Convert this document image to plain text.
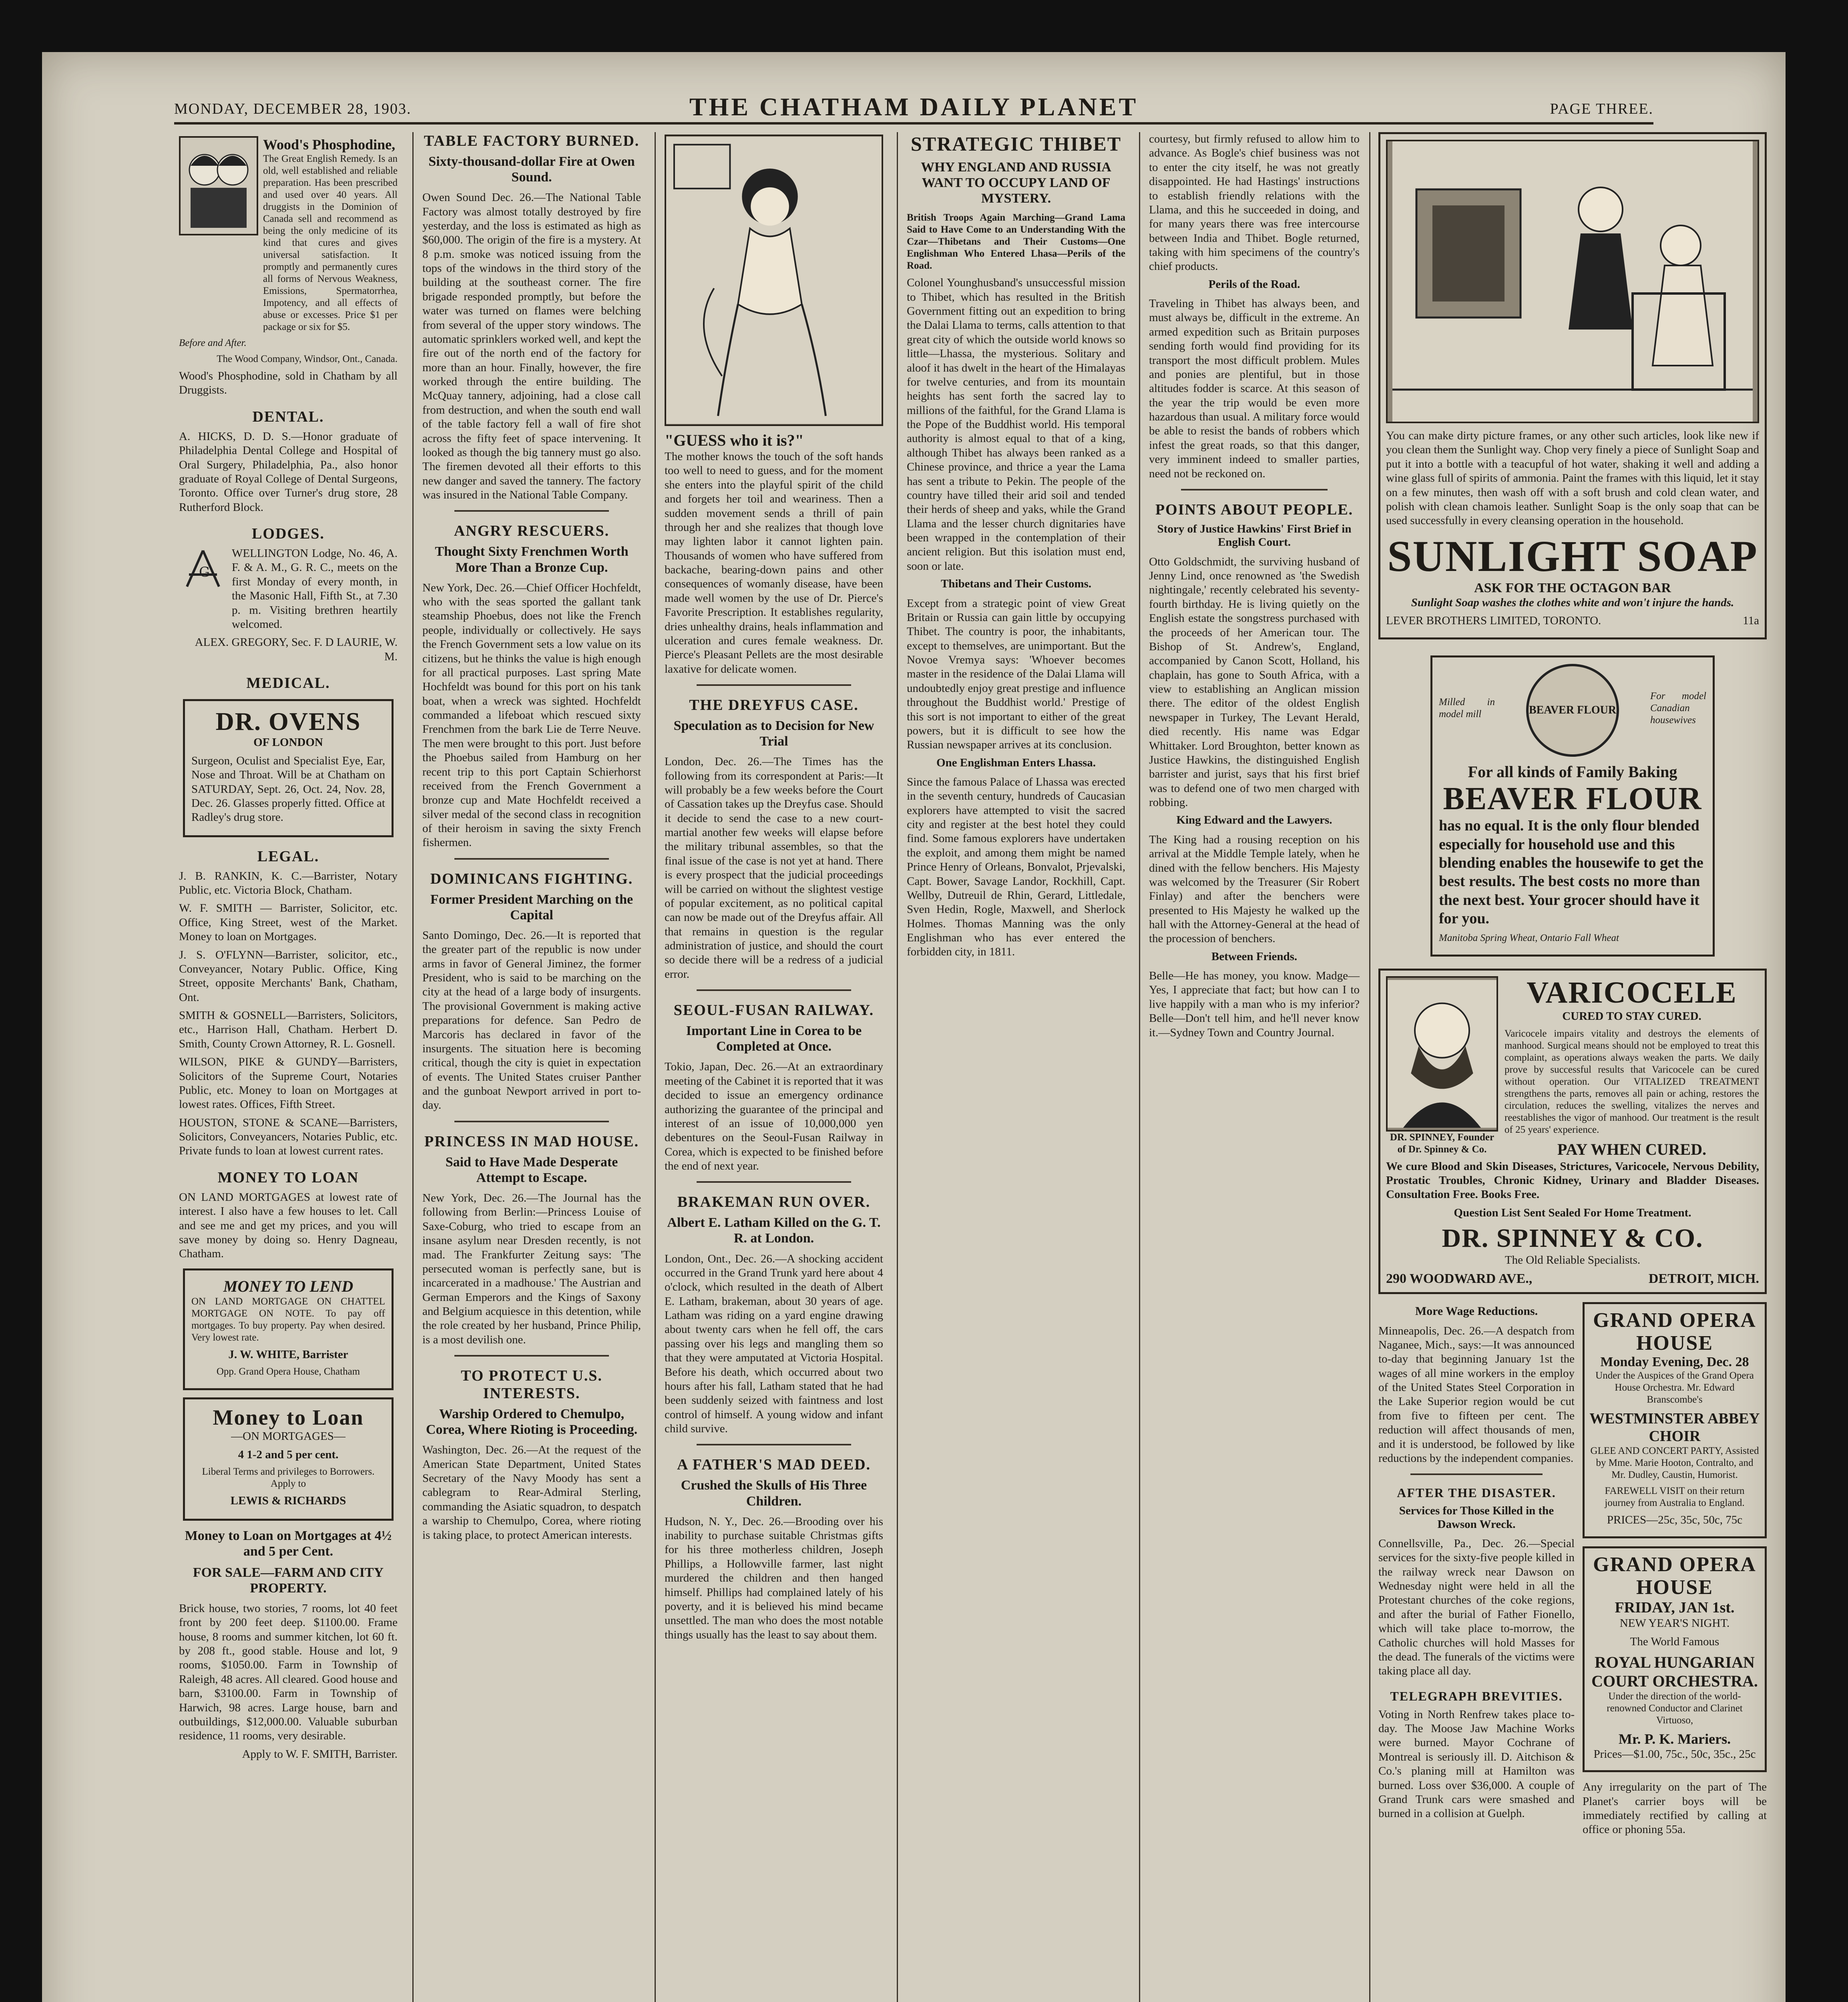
MONDAY, DECEMBER 28, 1903.	THE CHATHAM DAILY PLANET	PAGE THREE.
Wood's Phosphodine,
The Great English Remedy. Is an old, well established and reliable preparation. Has been prescribed and used over 40 years. All druggists in the Dominion of Canada sell and recommend as being the only medicine of its kind that cures and gives universal satisfaction. It promptly and permanently cures all forms of Nervous Weakness, Emissions, Spermatorrhea, Impotency, and all effects of abuse or excesses. Price $1 per package or six for $5.
Before and After.
The Wood Company, Windsor, Ont., Canada.
Wood's Phosphodine, sold in Chatham by all Druggists.
DENTAL.
A. HICKS, D. D. S.—Honor graduate of Philadelphia Dental College and Hospital of Oral Surgery, Philadelphia, Pa., also honor graduate of Royal College of Dental Surgeons, Toronto. Office over Turner's drug store, 28 Rutherford Block.
LODGES.
G
WELLINGTON Lodge, No. 46, A. F. & A. M., G. R. C., meets on the first Monday of every month, in the Masonic Hall, Fifth St., at 7.30 p. m. Visiting brethren heartily welcomed.
ALEX. GREGORY, Sec. F. D LAURIE, W. M.
MEDICAL.
DR. OVENS
OF LONDON
Surgeon, Oculist and Specialist Eye, Ear, Nose and Throat. Will be at Chatham on SATURDAY, Sept. 26, Oct. 24, Nov. 28, Dec. 26. Glasses properly fitted. Office at Radley's drug store.
LEGAL.
J. B. RANKIN, K. C.—Barrister, Notary Public, etc. Victoria Block, Chatham.
W. F. SMITH — Barrister, Solicitor, etc. Office, King Street, west of the Market. Money to loan on Mortgages.
J. S. O'FLYNN—Barrister, solicitor, etc., Conveyancer, Notary Public. Office, King Street, opposite Merchants' Bank, Chatham, Ont.
SMITH & GOSNELL—Barristers, Solicitors, etc., Harrison Hall, Chatham. Herbert D. Smith, County Crown Attorney, R. L. Gosnell.
WILSON, PIKE & GUNDY—Barristers, Solicitors of the Supreme Court, Notaries Public, etc. Money to loan on Mortgages at lowest rates. Offices, Fifth Street.
HOUSTON, STONE & SCANE—Barristers, Solicitors, Conveyancers, Notaries Public, etc. Private funds to loan at lowest current rates.
MONEY TO LOAN
ON LAND MORTGAGES at lowest rate of interest. I also have a few houses to let. Call and see me and get my prices, and you will save money by doing so. Henry Dagneau, Chatham.
MONEY TO LEND
ON LAND MORTGAGE ON CHATTEL MORTGAGE ON NOTE. To pay off mortgages. To buy property. Pay when desired. Very lowest rate.
J. W. WHITE, Barrister
Opp. Grand Opera House, Chatham
Money to Loan
—ON MORTGAGES—
4 1-2 and 5 per cent.
Liberal Terms and privileges to Borrowers. Apply to
LEWIS & RICHARDS
Money to Loan on Mortgages at 4½ and 5 per Cent.
FOR SALE—FARM AND CITY PROPERTY.
Brick house, two stories, 7 rooms, lot 40 feet front by 200 feet deep. $1100.00. Frame house, 8 rooms and summer kitchen, lot 60 ft. by 208 ft., good stable. House and lot, 9 rooms, $1050.00. Farm in Township of Raleigh, 48 acres. All cleared. Good house and barn, $3100.00. Farm in Township of Harwich, 98 acres. Large house, barn and outbuildings, $12,000.00. Valuable suburban residence, 11 rooms, very desirable.
Apply to W. F. SMITH, Barrister.
TABLE FACTORY BURNED.
Sixty-thousand-dollar Fire at Owen Sound.
Owen Sound Dec. 26.—The National Table Factory was almost totally destroyed by fire yesterday, and the loss is estimated as high as $60,000. The origin of the fire is a mystery. At 8 p.m. smoke was noticed issuing from the tops of the windows in the third story of the building at the southeast corner. The fire brigade responded promptly, but before the water was turned on flames were belching from several of the upper story windows. The automatic sprinklers worked well, and kept the fire out of the north end of the factory for more than an hour. Finally, however, the fire worked through the entire building. The McQuay tannery, adjoining, had a close call from destruction, and when the south end wall of the table factory fell a wall of fire shot across the fifty feet of space intervening. It looked as though the big tannery must go also. The firemen devoted all their efforts to this new danger and saved the tannery. The factory was insured in the National Table Company.
ANGRY RESCUERS.
Thought Sixty Frenchmen Worth More Than a Bronze Cup.
New York, Dec. 26.—Chief Officer Hochfeldt, who with the seas sported the gallant tank steamship Phoebus, does not like the French people, individually or collectively. He says the French Government sets a low value on its citizens, but he thinks the value is high enough for all practical purposes. Last spring Mate Hochfeldt was bound for this port on his tank boat, when a wreck was sighted. Hochfeldt commanded a lifeboat which rescued sixty Frenchmen from the bark Lie de Terre Neuve. The men were brought to this port. Just before the Phoebus sailed from Hamburg on her recent trip to this port Captain Schierhorst received from the French Government a bronze cup and Mate Hochfeldt received a silver medal of the second class in recognition of their heroism in saving the sixty French fishermen.
DOMINICANS FIGHTING.
Former President Marching on the Capital
Santo Domingo, Dec. 26.—It is reported that the greater part of the republic is now under arms in favor of General Jiminez, the former President, who is said to be marching on the city at the head of a large body of insurgents. The provisional Government is making active preparations for defence. San Pedro de Marcoris has declared in favor of the insurgents. The situation here is becoming critical, though the city is quiet in expectation of events. The United States cruiser Panther and the gunboat Newport arrived in port to-day.
PRINCESS IN MAD HOUSE.
Said to Have Made Desperate Attempt to Escape.
New York, Dec. 26.—The Journal has the following from Berlin:—Princess Louise of Saxe-Coburg, who tried to escape from an insane asylum near Dresden recently, is not mad. The Frankfurter Zeitung says: 'The persecuted woman is perfectly sane, but is incarcerated in a madhouse.' The Austrian and German Emperors and the Kings of Saxony and Belgium acquiesce in this detention, while the role created by her husband, Prince Philip, is a most devilish one.
TO PROTECT U.S. INTERESTS.
Warship Ordered to Chemulpo, Corea, Where Rioting is Proceeding.
Washington, Dec. 26.—At the request of the American State Department, United States Secretary of the Navy Moody has sent a cablegram to Rear-Admiral Sterling, commanding the Asiatic squadron, to despatch a warship to Chemulpo, Corea, where rioting is taking place, to protect American interests.
"GUESS who it is?"
The mother knows the touch of the soft hands too well to need to guess, and for the moment she enters into the playful spirit of the child and forgets her toil and weariness. Then a sudden movement sends a thrill of pain through her and she realizes that though love may lighten labor it cannot lighten pain. Thousands of women who have suffered from backache, bearing-down pains and other consequences of womanly disease, have been made well women by the use of Dr. Pierce's Favorite Prescription. It establishes regularity, dries unhealthy drains, heals inflammation and ulceration and cures female weakness. Dr. Pierce's Pleasant Pellets are the most desirable laxative for delicate women.
THE DREYFUS CASE.
Speculation as to Decision for New Trial
London, Dec. 26.—The Times has the following from its correspondent at Paris:—It will probably be a few weeks before the Court of Cassation takes up the Dreyfus case. Should it decide to send the case to a new court-martial another few weeks will elapse before the military tribunal assembles, so that the final issue of the case is not yet at hand. There is every prospect that the judicial proceedings will be carried on without the slightest vestige of popular excitement, as no political capital can now be made out of the Dreyfus affair. All that remains in question is the regular administration of justice, and should the court so decide there will be a redress of a judicial error.
SEOUL-FUSAN RAILWAY.
Important Line in Corea to be Completed at Once.
Tokio, Japan, Dec. 26.—At an extraordinary meeting of the Cabinet it is reported that it was decided to issue an emergency ordinance authorizing the guarantee of the principal and interest of an issue of 10,000,000 yen debentures on the Seoul-Fusan Railway in Corea, which is expected to be finished before the end of next year.
BRAKEMAN RUN OVER.
Albert E. Latham Killed on the G. T. R. at London.
London, Ont., Dec. 26.—A shocking accident occurred in the Grand Trunk yard here about 4 o'clock, which resulted in the death of Albert E. Latham, brakeman, about 30 years of age. Latham was riding on a yard engine drawing about twenty cars when he fell off, the cars passing over his legs and mangling them so that they were amputated at Victoria Hospital. Before his death, which occurred about two hours after his fall, Latham stated that he had been suddenly seized with faintness and lost control of himself. A young widow and infant child survive.
A FATHER'S MAD DEED.
Crushed the Skulls of His Three Children.
Hudson, N. Y., Dec. 26.—Brooding over his inability to purchase suitable Christmas gifts for his three motherless children, Joseph Phillips, a Hollowville farmer, last night murdered the children and then hanged himself. Phillips had complained lately of his poverty, and it is believed his mind became unsettled. The man who does the most notable things usually has the least to say about them.
STRATEGIC THIBET
WHY ENGLAND AND RUSSIA WANT TO OCCUPY LAND OF MYSTERY.
British Troops Again Marching—Grand Lama Said to Have Come to an Understanding With the Czar—Thibetans and Their Customs—One Englishman Who Entered Lhasa—Perils of the Road.
Colonel Younghusband's unsuccessful mission to Thibet, which has resulted in the British Government fitting out an expedition to bring the Dalai Llama to terms, calls attention to that great city of which the outside world knows so little—Lhassa, the mysterious. Solitary and aloof it has dwelt in the heart of the Himalayas for twelve centuries, and from its mountain heights has sent forth the sacred lay to millions of the faithful, for the Grand Llama is the Pope of the Buddhist world. His temporal authority is almost equal to that of a king, although Thibet has always been ranked as a Chinese province, and thrice a year the Lama has sent a tribute to Pekin. The people of the country have tilled their arid soil and tended their herds of sheep and yaks, while the Grand Llama and the lesser church dignitaries have been wrapped in the contemplation of their ancient religion. But this isolation must end, soon or late.
Thibetans and Their Customs.
Except from a strategic point of view Great Britain or Russia can gain little by occupying Thibet. The country is poor, the inhabitants, except to themselves, are unimportant. But the Novoe Vremya says: 'Whoever becomes master in the residence of the Dalai Llama will undoubtedly enjoy great prestige and influence throughout the Buddhist world.' Prestige of this sort is not important to either of the great powers, but it is difficult to see how the Russian newspaper arrives at its conclusion.
One Englishman Enters Lhassa.
Since the famous Palace of Lhassa was erected in the seventh century, hundreds of Caucasian explorers have attempted to visit the sacred city and register at the best hotel they could find. Some famous explorers have undertaken the exploit, and among them might be named Prince Henry of Orleans, Bonvalot, Prjevalski, Capt. Bower, Savage Landor, Rockhill, Capt. Wellby, Dutreuil de Rhin, Gerard, Littledale, Sven Hedin, Rogle, Maxwell, and Sherlock Holmes. Thomas Manning was the only Englishman who has ever entered the forbidden city, in 1811.
courtesy, but firmly refused to allow him to advance. As Bogle's chief business was not to enter the city itself, he was not greatly disappointed. He had Hastings' instructions to establish friendly relations with the Llama, and this he succeeded in doing, and for many years there was free intercourse between India and Thibet. Bogle returned, taking with him specimens of the country's chief products.
Perils of the Road.
Traveling in Thibet has always been, and must always be, difficult in the extreme. An armed expedition such as Britain purposes sending forth would find providing for its transport the most difficult problem. Mules and ponies are plentiful, but in those altitudes fodder is scarce. At this season of the year the trip would be even more hazardous than usual. A military force would be able to resist the bands of robbers which infest the great roads, so that this danger, very imminent indeed to smaller parties, need not be reckoned on.
POINTS ABOUT PEOPLE.
Story of Justice Hawkins' First Brief in English Court.
Otto Goldschmidt, the surviving husband of Jenny Lind, once renowned as 'the Swedish nightingale,' recently celebrated his seventy-fourth birthday. He is living quietly on the English estate the songstress purchased with the proceeds of her American tour. The Bishop of St. Andrew's, England, accompanied by Canon Scott, Holland, his chaplain, has gone to South Africa, with a view to establishing an Anglican mission there. The editor of the oldest English newspaper in Turkey, The Levant Herald, died recently. His name was Edgar Whittaker. Lord Broughton, better known as Justice Hawkins, the distinguished English barrister and jurist, says that his first brief was to defend one of two men charged with robbing.
King Edward and the Lawyers.
The King had a rousing reception on his arrival at the Middle Temple lately, when he dined with the fellow benchers. His Majesty was welcomed by the Treasurer (Sir Robert Finlay) and after the benchers were presented to His Majesty he walked up the hall with the Attorney-General at the head of the procession of benchers.
Between Friends.
Belle—He has money, you know. Madge—Yes, I appreciate that fact; but how can I to live happily with a man who is my inferior? Belle—Don't tell him, and he'll never know it.—Sydney Town and Country Journal.
You can make dirty picture frames, or any other such articles, look like new if you clean them the Sunlight way. Chop very finely a piece of Sunlight Soap and put it into a bottle with a teacupful of hot water, shaking it well and adding a wine glass full of spirits of ammonia. Paint the frames with this liquid, let it stay on a few minutes, then wash off with a soft brush and cold clean water, and polish with clean chamois leather. Sunlight Soap is the only soap that can be used successfully in every cleansing operation in the household.
SUNLIGHT SOAP
ASK FOR THE OCTAGON BAR
Sunlight Soap washes the clothes white and won't injure the hands.
LEVER BROTHERS LIMITED, TORONTO.	11a
Milled in model mill	BEAVER FLOUR
For model Canadian housewives
For all kinds of Family Baking
BEAVER FLOUR
has no equal. It is the only flour blended especially for household use and this blending enables the housewife to get the best results. The best costs no more than the next best. Your grocer should have it for you.
Manitoba Spring Wheat, Ontario Fall Wheat
DR. SPINNEY, Founder of Dr. Spinney & Co.
VARICOCELE
CURED TO STAY CURED.
Varicocele impairs vitality and destroys the elements of manhood. Surgical means should not be employed to treat this complaint, as operations always weaken the parts. We daily prove by successful results that Varicocele can be cured without operation. Our VITALIZED TREATMENT strengthens the parts, removes all pain or aching, restores the circulation, reduces the swelling, vitalizes the nerves and reestablishes the vigor of manhood. Our treatment is the result of 25 years' experience.
PAY WHEN CURED.
We cure Blood and Skin Diseases, Strictures, Varicocele, Nervous Debility, Prostatic Troubles, Chronic Kidney, Urinary and Bladder Diseases. Consultation Free. Books Free.
Question List Sent Sealed For Home Treatment.
DR. SPINNEY & CO.
The Old Reliable Specialists.
290 WOODWARD AVE.,	DETROIT, MICH.
More Wage Reductions.
Minneapolis, Dec. 26.—A despatch from Naganee, Mich., says:—It was announced to-day that beginning January 1st the wages of all mine workers in the employ of the United States Steel Corporation in the Lake Superior region would be cut from five to fifteen per cent. The reduction will affect thousands of men, and it is understood, be followed by like reductions by the independent companies.
AFTER THE DISASTER.
Services for Those Killed in the Dawson Wreck.
Connellsville, Pa., Dec. 26.—Special services for the sixty-five people killed in the railway wreck near Dawson on Wednesday night were held in all the Protestant churches of the coke regions, and after the burial of Father Fionello, which will take place to-morrow, the Catholic churches will hold Masses for the dead. The funerals of the victims were taking place all day.
TELEGRAPH BREVITIES.
Voting in North Renfrew takes place to-day. The Moose Jaw Machine Works were burned. Mayor Cochrane of Montreal is seriously ill. D. Aitchison & Co.'s planing mill at Hamilton was burned. Loss over $36,000. A couple of Grand Trunk cars were smashed and burned in a collision at Guelph.
GRAND OPERA HOUSE
Monday Evening, Dec. 28
Under the Auspices of the Grand Opera House Orchestra. Mr. Edward Branscombe's
WESTMINSTER ABBEY CHOIR
GLEE AND CONCERT PARTY, Assisted by Mme. Marie Hooton, Contralto, and Mr. Dudley, Caustin, Humorist.
FAREWELL VISIT on their return journey from Australia to England.
PRICES—25c, 35c, 50c, 75c
GRAND OPERA HOUSE
FRIDAY, JAN 1st.
NEW YEAR'S NIGHT.
The World Famous
ROYAL HUNGARIAN COURT ORCHESTRA.
Under the direction of the world-renowned Conductor and Clarinet Virtuoso,
Mr. P. K. Mariers.
Prices—$1.00, 75c., 50c, 35c., 25c
Any irregularity on the part of The Planet's carrier boys will be immediately rectified by calling at office or phoning 55a.
